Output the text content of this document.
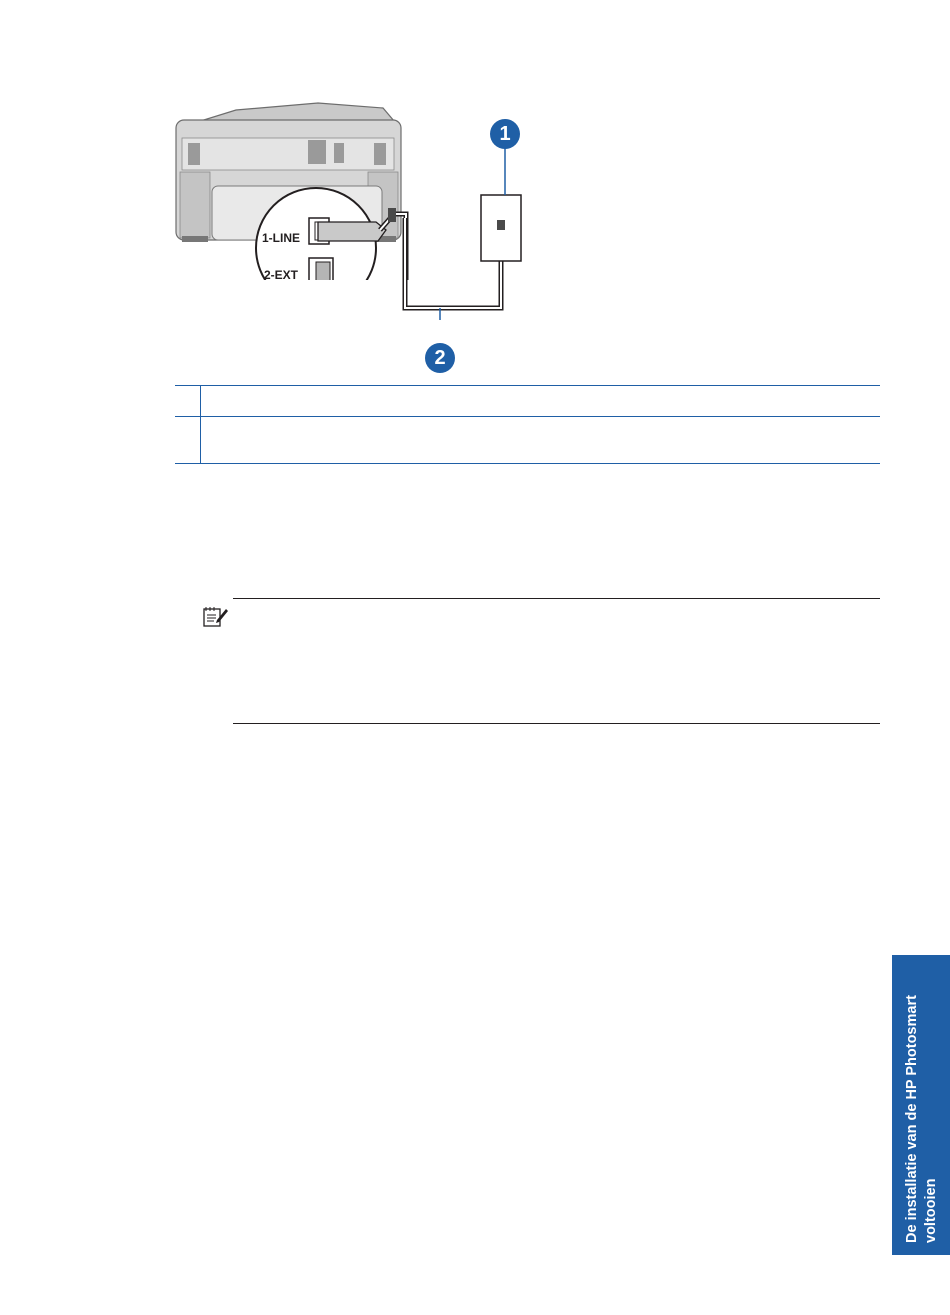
1-LINE
2-EXT
1
2

De installatie van de HP Photosmart voltooien
